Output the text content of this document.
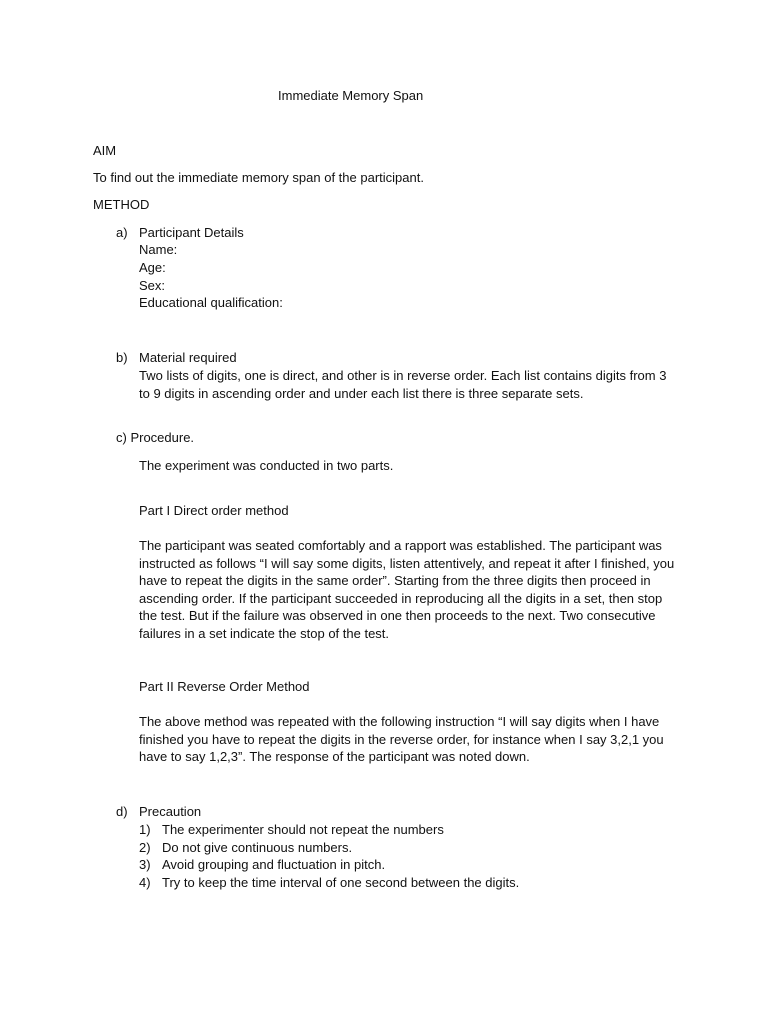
Immediate Memory Span
AIM
To find out the immediate memory span of the participant.
METHOD
a) Participant Details
Name:
Age:
Sex:
Educational qualification:
b) Material required
Two lists of digits, one is direct, and other is in reverse order. Each list contains digits from 3 to 9 digits in ascending order and under each list there is three separate sets.
c) Procedure.
The experiment was conducted in two parts.
Part I Direct order method
The participant was seated comfortably and a rapport was established. The participant was instructed as follows “I will say some digits, listen attentively, and repeat it after I finished, you have to repeat the digits in the same order”. Starting from the three digits then proceed in ascending order. If the participant succeeded in reproducing all the digits in a set, then stop the test. But if the failure was observed in one then proceeds to the next. Two consecutive failures in a set indicate the stop of the test.
Part II Reverse Order Method
The above method was repeated with the following instruction “I will say digits when I have finished you have to repeat the digits in the reverse order, for instance when I say 3,2,1 you have to say 1,2,3”. The response of the participant was noted down.
d) Precaution
1) The experimenter should not repeat the numbers
2) Do not give continuous numbers.
3) Avoid grouping and fluctuation in pitch.
4) Try to keep the time interval of one second between the digits.
